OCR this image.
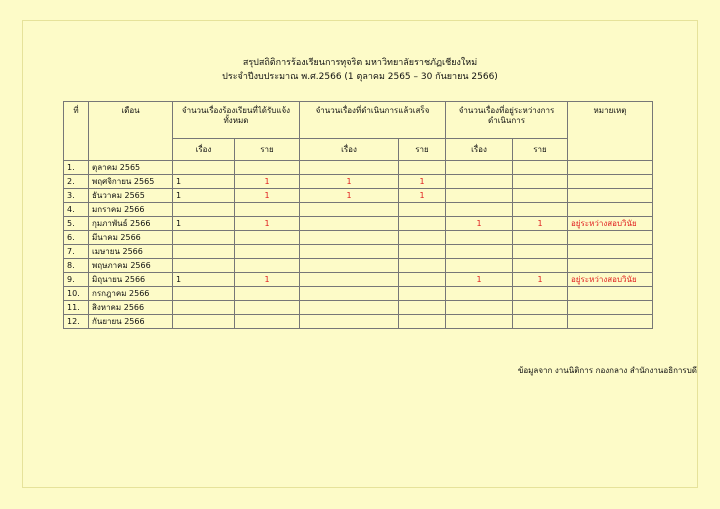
สรุปสถิติการร้องเรียนการทุจริต มหาวิทยาลัยราชภัฏเชียงใหม่
ประจำปีงบประมาณ พ.ศ.2566 (1 ตุลาคม 2565 – 30 กันยายน 2566)
ที่	เดือน	จำนวนเรื่องร้องเรียนที่ได้รับแจ้งทั้งหมด		จำนวนเรื่องที่ดำเนินการแล้วเสร็จ		จำนวนเรื่องที่อยู่ระหว่างการดำเนินการ		หมายเหตุ
		เรื่อง	ราย	เรื่อง	ราย	เรื่อง	ราย	
1.	ตุลาคม 2565							
2.	พฤศจิกายน 2565	1	1	1	1			
3.	ธันวาคม 2565	1	1	1	1			
4.	มกราคม 2566							
5.	กุมภาพันธ์ 2566	1	1			1	1	อยู่ระหว่างสอบวินัย
6.	มีนาคม 2566							
7.	เมษายน 2566							
8.	พฤษภาคม 2566							
9.	มิถุนายน 2566	1	1			1	1	อยู่ระหว่างสอบวินัย
10.	กรกฎาคม 2566							
11.	สิงหาคม 2566							
12.	กันยายน 2566							
ข้อมูลจาก งานนิติการ กองกลาง สำนักงานอธิการบดี
